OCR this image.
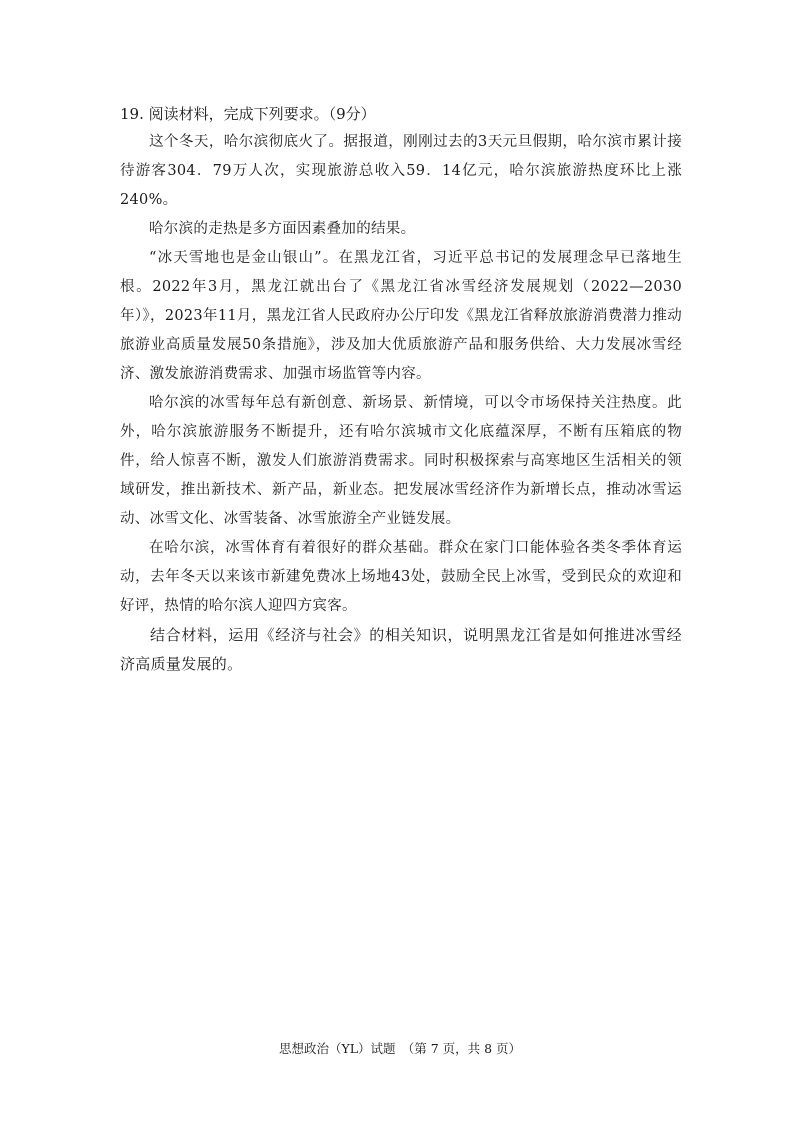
19. 阅读材料，完成下列要求。（9分）

这个冬天，哈尔滨彻底火了。据报道，刚刚过去的3天元旦假期，哈尔滨市累计接待游客304．79万人次，实现旅游总收入59．14亿元，哈尔滨旅游热度环比上涨240%。

哈尔滨的走热是多方面因素叠加的结果。

“冰天雪地也是金山银山”。在黑龙江省，习近平总书记的发展理念早已落地生根。2022年3月，黑龙江就出台了《黑龙江省冰雪经济发展规划（2022—2030年）》，2023年11月，黑龙江省人民政府办公厅印发《黑龙江省释放旅游消费潜力推动旅游业高质量发展50条措施》，涉及加大优质旅游产品和服务供给、大力发展冰雪经济、激发旅游消费需求、加强市场监管等内容。

哈尔滨的冰雪每年总有新创意、新场景、新情境，可以令市场保持关注热度。此外，哈尔滨旅游服务不断提升，还有哈尔滨城市文化底蕴深厚，不断有压箱底的物件，给人惊喜不断，激发人们旅游消费需求。同时积极探索与高寒地区生活相关的领域研发，推出新技术、新产品，新业态。把发展冰雪经济作为新增长点，推动冰雪运动、冰雪文化、冰雪装备、冰雪旅游全产业链发展。

在哈尔滨，冰雪体育有着很好的群众基础。群众在家门口能体验各类冬季体育运动，去年冬天以来该市新建免费冰上场地43处，鼓励全民上冰雪，受到民众的欢迎和好评，热情的哈尔滨人迎四方宾客。

结合材料，运用《经济与社会》的相关知识，说明黑龙江省是如何推进冰雪经济高质量发展的。

思想政治（YL）试题　（第 7 页，共 8 页）
